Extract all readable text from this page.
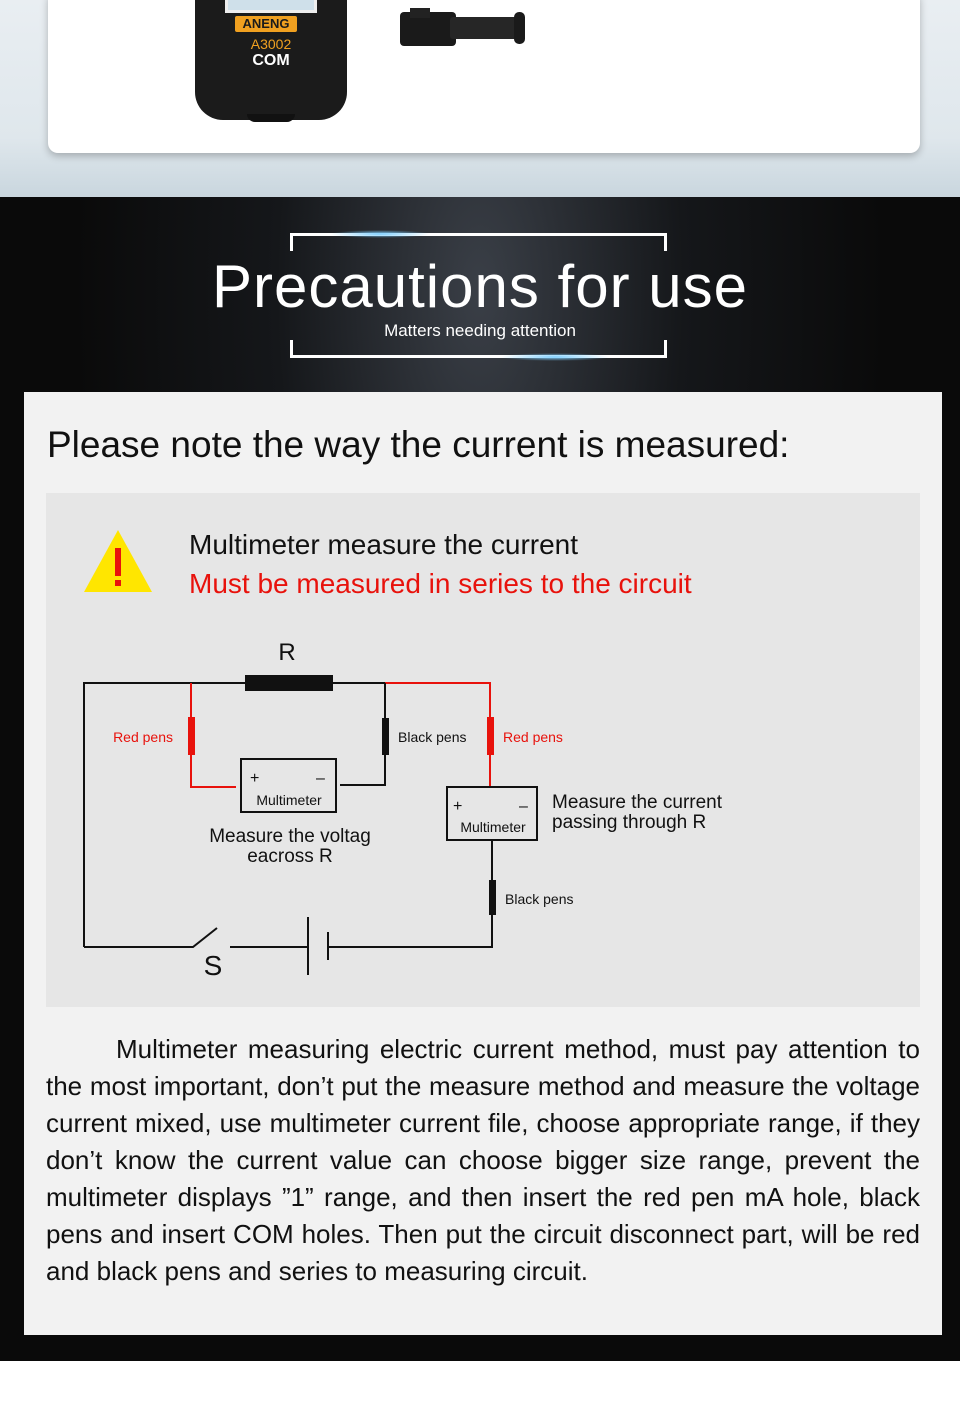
ANENG
A3002
COM
Precautions for use
Matters needing attention
Please note the way the current is measured:
Multimeter measure the current
Must be measured in series to the circuit
R
S
Red pens	Black pens	Red pens
Black pens
+	–
Multimeter	+	–
Multimeter
Measure the voltag
eacross R
Measure the current
passing through R

Multimeter measuring electric current method, must pay attention to the most important, don’t put the measure method and measure the voltage current mixed, use multimeter current file, choose appropriate range, if they don’t know the current value can choose bigger size range, prevent the multimeter displays ”1” range, and then insert the red pen mA hole, black pens and insert COM holes. Then put the circuit disconnect part, will be red and black pens and series to measuring circuit.
